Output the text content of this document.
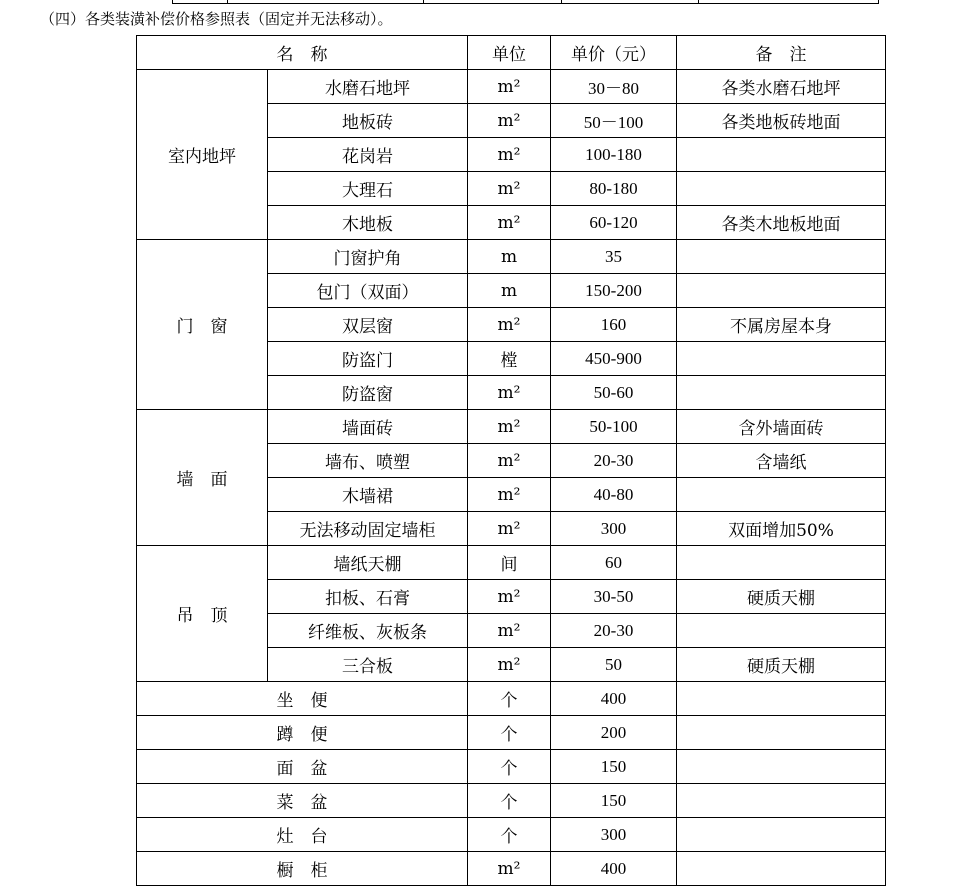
（四）各类装潢补偿价格参照表（固定并无法移动）。
名　称		单位	单价（元）	备　注
室内地坪	水磨石地坪	m²	30－80	各类水磨石地坪
	地板砖	m²	50－100	各类地板砖地面
	花岗岩	m²	100-180	
	大理石	m²	80-180	
	木地板	m²	60-120	各类木地板地面
门　窗	门窗护角	m	35	
	包门（双面）	m	150-200	
	双层窗	m²	160	不属房屋本身
	防盗门	樘	450-900	
	防盗窗	m²	50-60	
墙　面	墙面砖	m²	50-100	含外墙面砖
	墙布、喷塑	m²	20-30	含墙纸
	木墙裙	m²	40-80	
	无法移动固定墙柜	m²	300	双面增加50%
吊　顶	墙纸天棚	间	60	
	扣板、石膏	m²	30-50	硬质天棚
	纤维板、灰板条	m²	20-30	
	三合板	m²	50	硬质天棚
坐　便		个	400	
蹲　便		个	200	
面　盆		个	150	
菜　盆		个	150	
灶　台		个	300	
橱　柜		m²	400	
